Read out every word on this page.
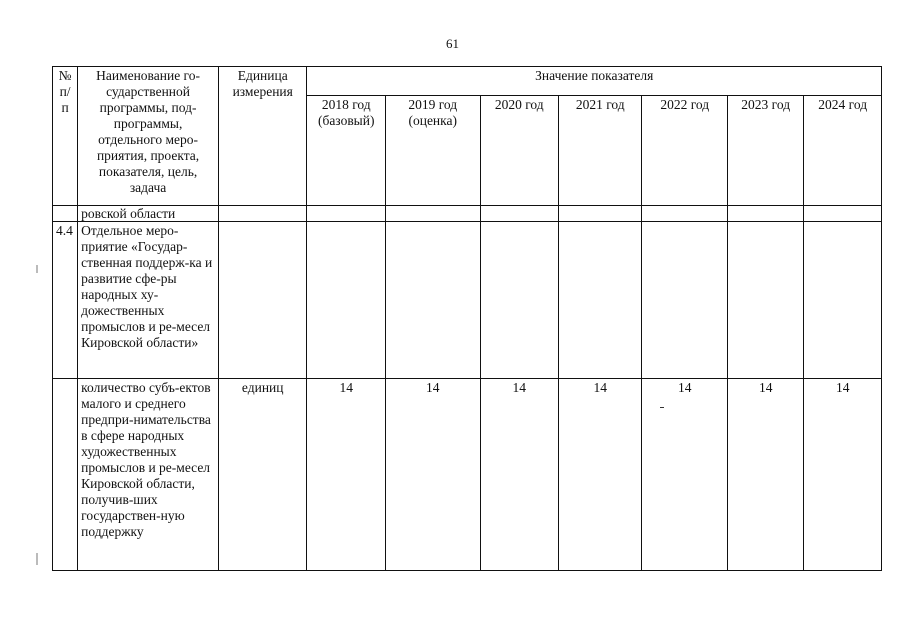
61
№ п/п	Наименование го-сударственной программы, под-программы, отдельного меро-приятия, проекта, показателя, цель, задача	Единица измерения	Значение показателя						
			2018 год (базовый)	2019 год (оценка)	2020 год	2021 год	2022 год	2023 год	2024 год
	ровской области								
4.4	Отдельное меро-приятие «Государ-ственная поддерж-ка и развитие сфе-ры народных ху-дожественных промыслов и ре-месел Кировской области»								
	количество субъ-ектов малого и среднего предпри-нимательства в сфере народных художественных промыслов и ре-месел Кировской области, получив-ших государствен-ную поддержку	единиц	14	14	14	14	14	14	14
